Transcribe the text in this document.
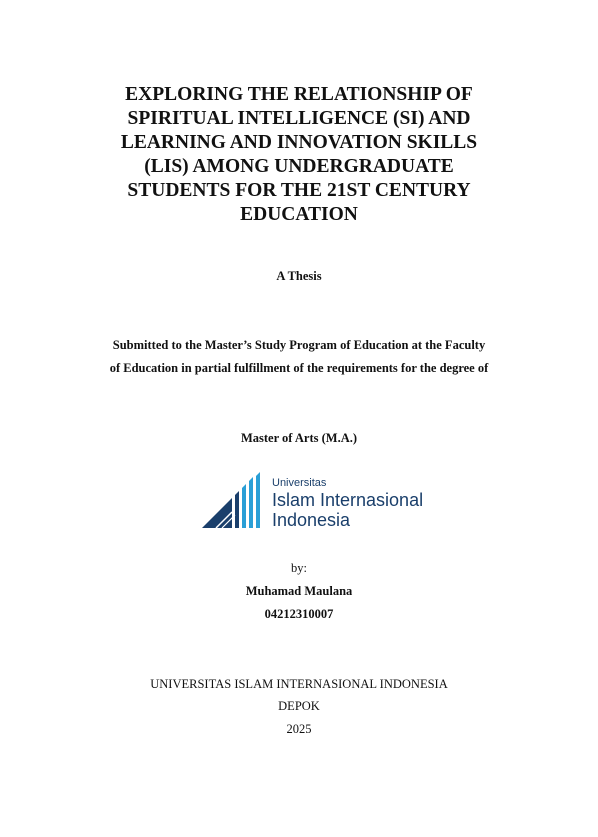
EXPLORING THE RELATIONSHIP OF
SPIRITUAL INTELLIGENCE (SI) AND
LEARNING AND INNOVATION SKILLS
(LIS) AMONG UNDERGRADUATE
STUDENTS FOR THE 21ST CENTURY
EDUCATION

A Thesis

Submitted to the Master’s Study Program of Education at the Faculty

of Education in partial fulfillment of the requirements for the degree of

Master of Arts (M.A.)

Universitas
Islam Internasional
Indonesia

by:

Muhamad Maulana

04212310007

UNIVERSITAS ISLAM INTERNASIONAL INDONESIA

DEPOK

2025
